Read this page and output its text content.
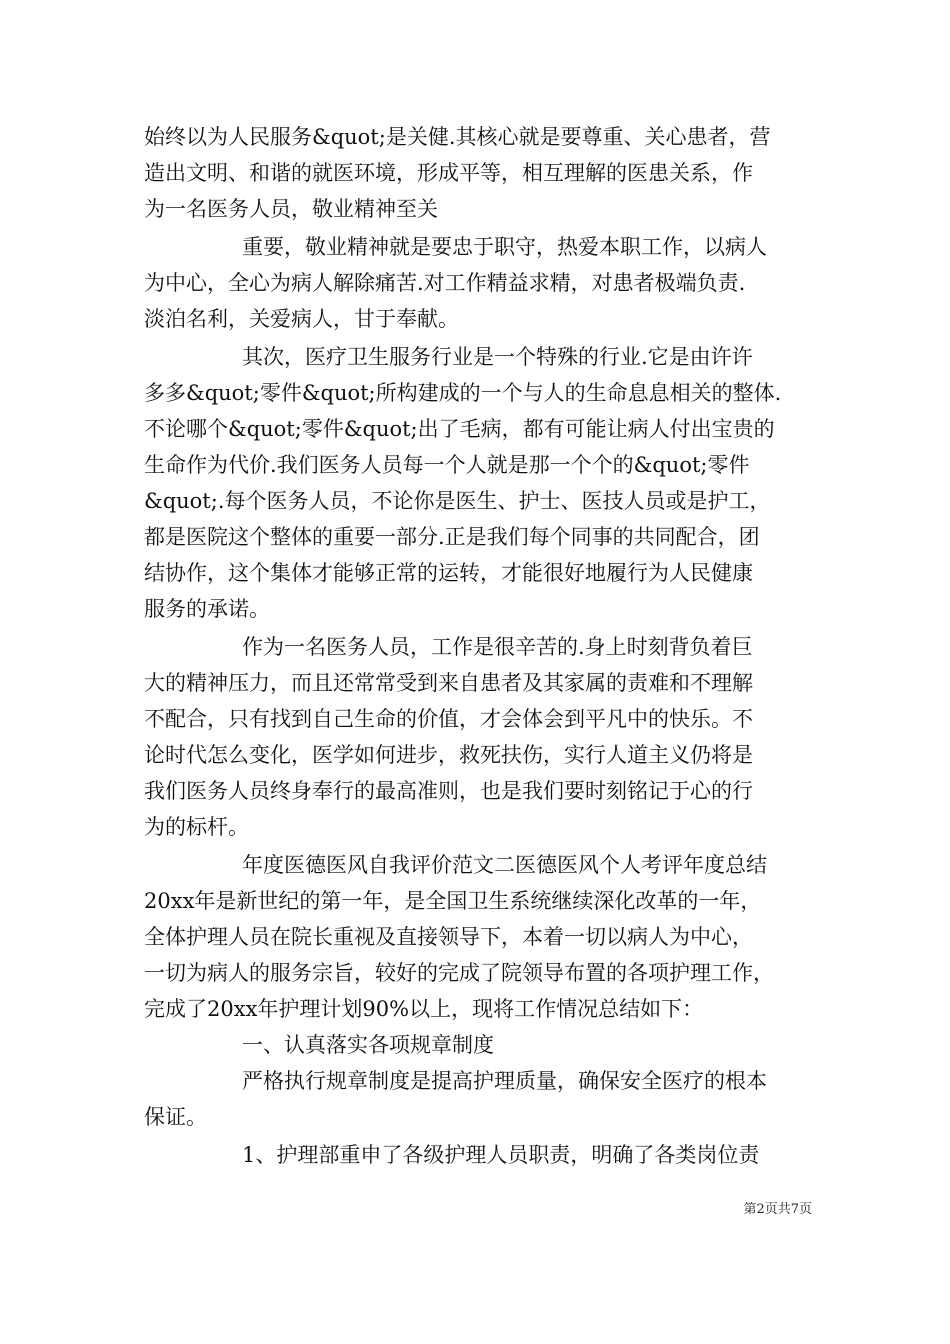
始终以为人民服务&quot;是关健.其核心就是要尊重、关心患者，营
造出文明、和谐的就医环境，形成平等，相互理解的医患关系，作
为一名医务人员，敬业精神至关
重要，敬业精神就是要忠于职守，热爱本职工作，以病人
为中心，全心为病人解除痛苦.对工作精益求精，对患者极端负责.
淡泊名利，关爱病人，甘于奉献。
其次，医疗卫生服务行业是一个特殊的行业.它是由许许
多多&quot;零件&quot;所构建成的一个与人的生命息息相关的整体.
不论哪个&quot;零件&quot;出了毛病，都有可能让病人付出宝贵的
生命作为代价.我们医务人员每一个人就是那一个个的&quot;零件
&quot;.每个医务人员，不论你是医生、护士、医技人员或是护工，
都是医院这个整体的重要一部分.正是我们每个同事的共同配合，团
结协作，这个集体才能够正常的运转，才能很好地履行为人民健康
服务的承诺。
作为一名医务人员，工作是很辛苦的.身上时刻背负着巨
大的精神压力，而且还常常受到来自患者及其家属的责难和不理解
不配合，只有找到自己生命的价值，才会体会到平凡中的快乐。不
论时代怎么变化，医学如何进步，救死扶伤，实行人道主义仍将是
我们医务人员终身奉行的最高准则，也是我们要时刻铭记于心的行
为的标杆。
年度医德医风自我评价范文二医德医风个人考评年度总结
20xx年是新世纪的第一年，是全国卫生系统继续深化改革的一年，
全体护理人员在院长重视及直接领导下，本着一切以病人为中心，
一切为病人的服务宗旨，较好的完成了院领导布置的各项护理工作，
完成了20xx年护理计划90%以上，现将工作情况总结如下：
一、认真落实各项规章制度
严格执行规章制度是提高护理质量，确保安全医疗的根本
保证。
1、护理部重申了各级护理人员职责，明确了各类岗位责
第2页共7页
